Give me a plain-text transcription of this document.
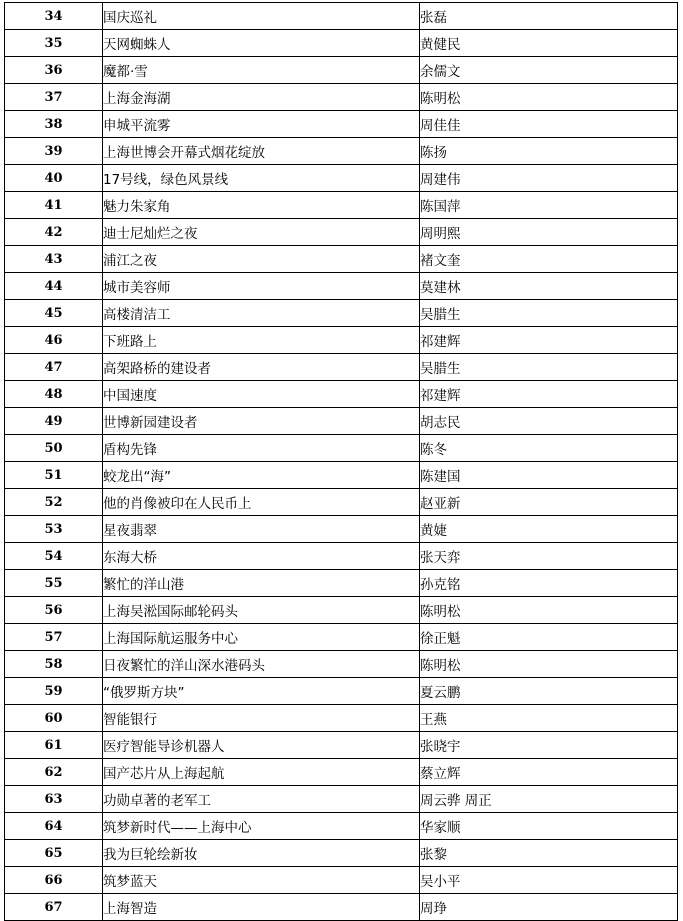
34	国庆巡礼	张磊
35	天网蜘蛛人	黄健民
36	魔都·雪	余儒文
37	上海金海湖	陈明松
38	申城平流雾	周佳佳
39	上海世博会开幕式烟花绽放	陈扬
40	17号线，绿色风景线	周建伟
41	魅力朱家角	陈国萍
42	迪士尼灿烂之夜	周明熙
43	浦江之夜	褚文奎
44	城市美容师	莫建林
45	高楼清洁工	吴腊生
46	下班路上	祁建辉
47	高架路桥的建设者	吴腊生
48	中国速度	祁建辉
49	世博新园建设者	胡志民
50	盾构先锋	陈冬
51	蛟龙出“海”	陈建国
52	他的肖像被印在人民币上	赵亚新
53	星夜翡翠	黄婕
54	东海大桥	张天弈
55	繁忙的洋山港	孙克铭
56	上海吴淞国际邮轮码头	陈明松
57	上海国际航运服务中心	徐正魁
58	日夜繁忙的洋山深水港码头	陈明松
59	“俄罗斯方块”	夏云鹏
60	智能银行	王燕
61	医疗智能导诊机器人	张晓宇
62	国产芯片从上海起航	蔡立辉
63	功勋卓著的老军工	周云骅 周正
64	筑梦新时代——上海中心	华家顺
65	我为巨轮绘新妆	张黎
66	筑梦蓝天	吴小平
67	上海智造	周琤
